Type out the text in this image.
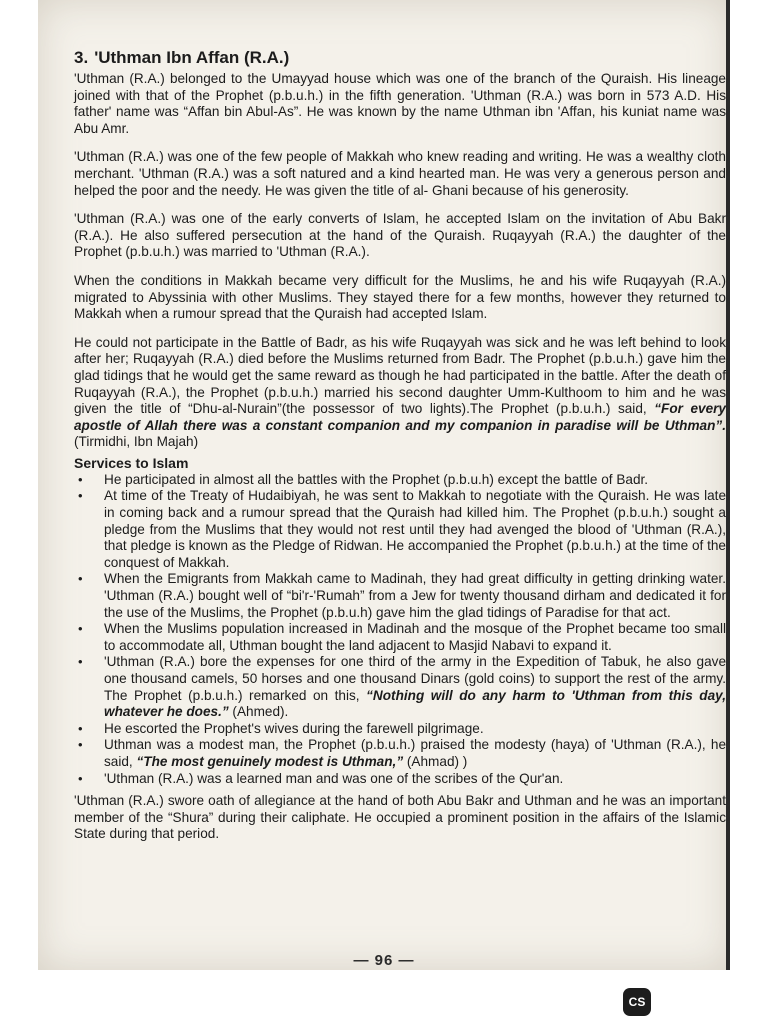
3. 'Uthman Ibn Affan (R.A.)

'Uthman (R.A.) belonged to the Umayyad house which was one of the branch of the Quraish. His lineage joined with that of the Prophet (p.b.u.h.) in the fifth generation. 'Uthman (R.A.) was born in 573 A.D. His father' name was “Affan bin Abul-As”. He was known by the name Uthman ibn 'Affan, his kuniat name was Abu Amr.

'Uthman (R.A.) was one of the few people of Makkah who knew reading and writing. He was a wealthy cloth merchant. 'Uthman (R.A.) was a soft natured and a kind hearted man. He was very a generous person and helped the poor and the needy. He was given the title of al- Ghani because of his generosity.

'Uthman (R.A.) was one of the early converts of Islam, he accepted Islam on the invitation of Abu Bakr (R.A.). He also suffered persecution at the hand of the Quraish. Ruqayyah (R.A.) the daughter of the Prophet (p.b.u.h.) was married to 'Uthman (R.A.).

When the conditions in Makkah became very difficult for the Muslims, he and his wife Ruqayyah (R.A.) migrated to Abyssinia with other Muslims. They stayed there for a few months, however they returned to Makkah when a rumour spread that the Quraish had accepted Islam.

He could not participate in the Battle of Badr, as his wife Ruqayyah was sick and he was left behind to look after her; Ruqayyah (R.A.) died before the Muslims returned from Badr. The Prophet (p.b.u.h.) gave him the glad tidings that he would get the same reward as though he had participated in the battle. After the death of Ruqayyah (R.A.), the Prophet (p.b.u.h.) married his second daughter Umm-Kulthoom to him and he was given the title of “Dhu-al-Nurain”(the possessor of two lights).The Prophet (p.b.u.h.) said, “For every apostle of Allah there was a constant companion and my companion in paradise will be Uthman”. (Tirmidhi, Ibn Majah)

Services to Islam
• He participated in almost all the battles with the Prophet (p.b.u.h) except the battle of Badr.
• At time of the Treaty of Hudaibiyah, he was sent to Makkah to negotiate with the Quraish. He was late in coming back and a rumour spread that the Quraish had killed him. The Prophet (p.b.u.h.) sought a pledge from the Muslims that they would not rest until they had avenged the blood of 'Uthman (R.A.), that pledge is known as the Pledge of Ridwan. He accompanied the Prophet (p.b.u.h.) at the time of the conquest of Makkah.
• When the Emigrants from Makkah came to Madinah, they had great difficulty in getting drinking water. 'Uthman (R.A.) bought well of “bi'r-'Rumah” from a Jew for twenty thousand dirham and dedicated it for the use of the Muslims, the Prophet (p.b.u.h) gave him the glad tidings of Paradise for that act.
• When the Muslims population increased in Madinah and the mosque of the Prophet became too small to accommodate all, Uthman bought the land adjacent to Masjid Nabavi to expand it.
• 'Uthman (R.A.) bore the expenses for one third of the army in the Expedition of Tabuk, he also gave one thousand camels, 50 horses and one thousand Dinars (gold coins) to support the rest of the army. The Prophet (p.b.u.h.) remarked on this, “Nothing will do any harm to 'Uthman from this day, whatever he does.” (Ahmed).
• He escorted the Prophet's wives during the farewell pilgrimage.
• Uthman was a modest man, the Prophet (p.b.u.h.) praised the modesty (haya) of 'Uthman (R.A.), he said, “The most genuinely modest is Uthman,” (Ahmad) )
• 'Uthman (R.A.) was a learned man and was one of the scribes of the Qur'an.

'Uthman (R.A.) swore oath of allegiance at the hand of both Abu Bakr and Uthman and he was an important member of the “Shura” during their caliphate. He occupied a prominent position in the affairs of the Islamic State during that period.

— 96 —
CS
